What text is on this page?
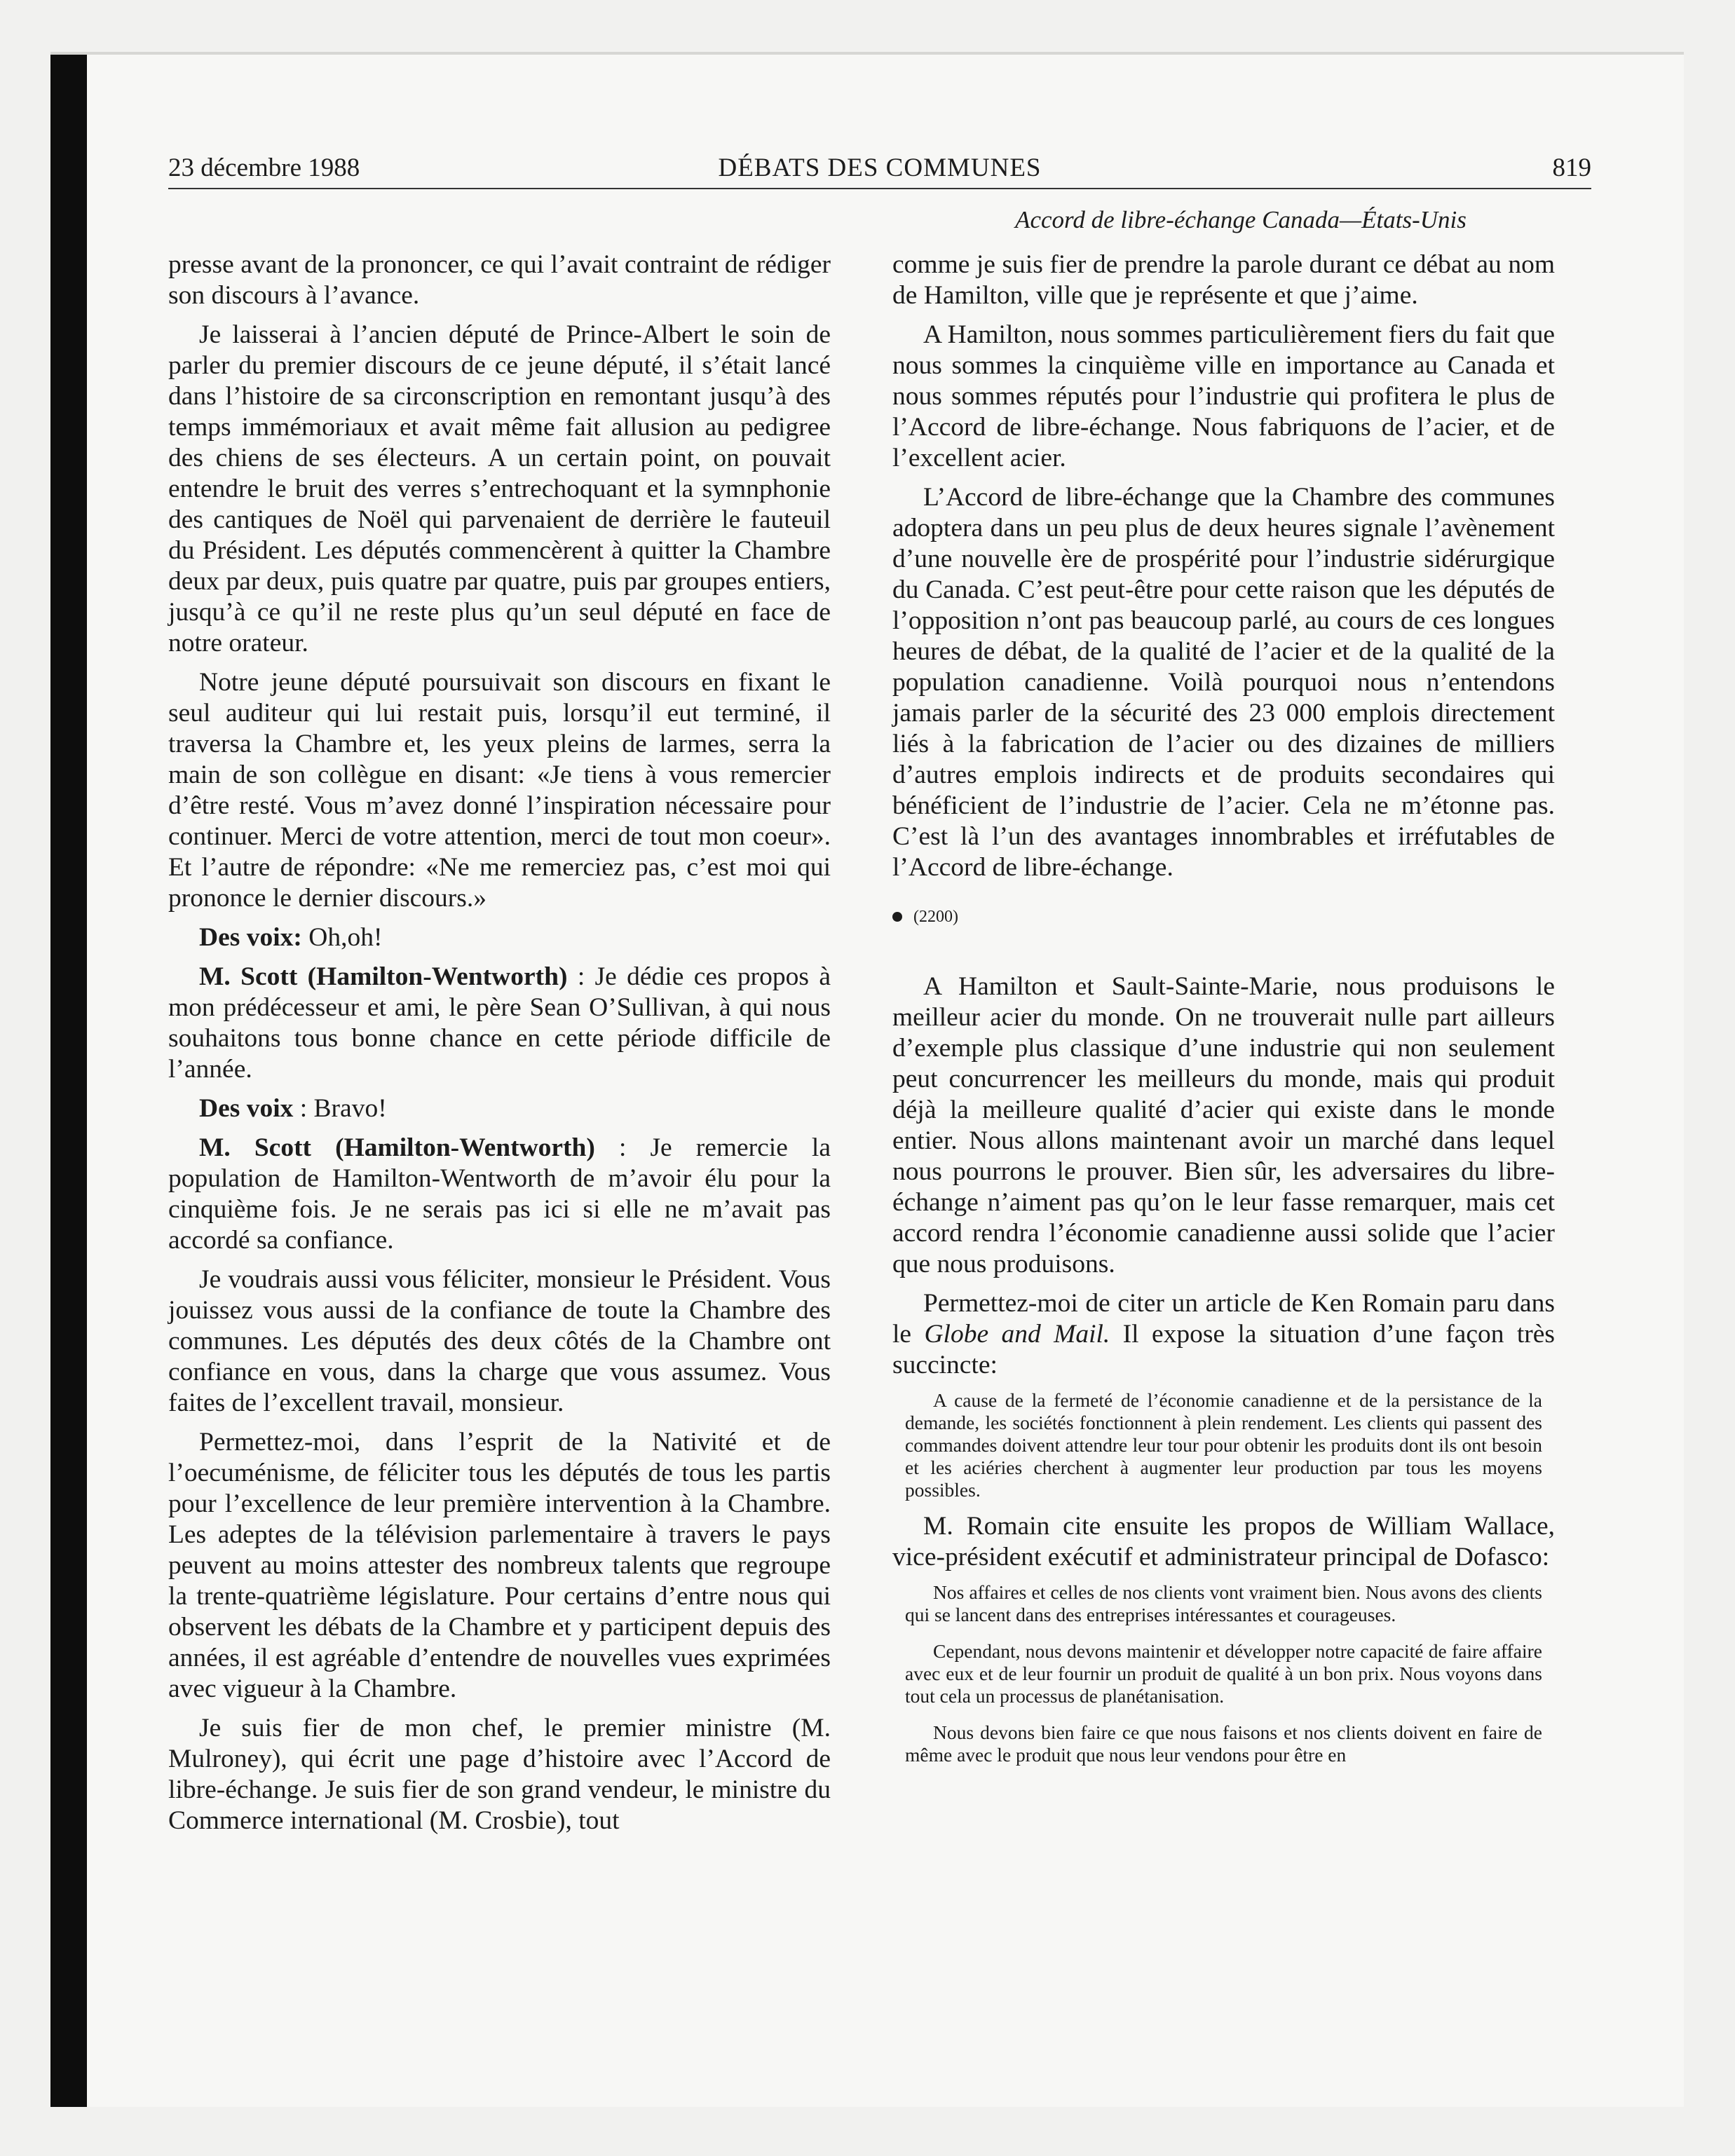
23 décembre 1988	DÉBATS DES COMMUNES	819
Accord de libre-échange Canada—États-Unis

presse avant de la prononcer, ce qui l’avait contraint de rédiger son discours à l’avance.

Je laisserai à l’ancien député de Prince-Albert le soin de parler du premier discours de ce jeune député, il s’était lancé dans l’histoire de sa circonscription en remontant jusqu’à des temps immémoriaux et avait même fait allusion au pedigree des chiens de ses électeurs. A un certain point, on pouvait entendre le bruit des verres s’entrechoquant et la symnphonie des cantiques de Noël qui parvenaient de derrière le fauteuil du Président. Les députés commencèrent à quitter la Chambre deux par deux, puis quatre par quatre, puis par groupes entiers, jusqu’à ce qu’il ne reste plus qu’un seul député en face de notre orateur.

Notre jeune député poursuivait son discours en fixant le seul auditeur qui lui restait puis, lorsqu’il eut terminé, il traversa la Chambre et, les yeux pleins de larmes, serra la main de son collègue en disant: «Je tiens à vous remercier d’être resté. Vous m’avez donné l’inspiration nécessaire pour continuer. Merci de votre attention, merci de tout mon coeur». Et l’autre de répondre: «Ne me remerciez pas, c’est moi qui prononce le dernier discours.»

Des voix: Oh,oh!

M. Scott (Hamilton-Wentworth) : Je dédie ces propos à mon prédécesseur et ami, le père Sean O’Sullivan, à qui nous souhaitons tous bonne chance en cette période difficile de l’année.

Des voix : Bravo!

M. Scott (Hamilton-Wentworth) : Je remercie la population de Hamilton-Wentworth de m’avoir élu pour la cinquième fois. Je ne serais pas ici si elle ne m’avait pas accordé sa confiance.

Je voudrais aussi vous féliciter, monsieur le Président. Vous jouissez vous aussi de la confiance de toute la Chambre des communes. Les députés des deux côtés de la Chambre ont confiance en vous, dans la charge que vous assumez. Vous faites de l’excellent travail, monsieur.

Permettez-moi, dans l’esprit de la Nativité et de l’oecuménisme, de féliciter tous les députés de tous les partis pour l’excellence de leur première intervention à la Chambre. Les adeptes de la télévision parlementaire à travers le pays peuvent au moins attester des nombreux talents que regroupe la trente-quatrième législature. Pour certains d’entre nous qui observent les débats de la Chambre et y participent depuis des années, il est agréable d’entendre de nouvelles vues exprimées avec vigueur à la Chambre.

Je suis fier de mon chef, le premier ministre (M. Mulroney), qui écrit une page d’histoire avec l’Accord de libre-échange. Je suis fier de son grand vendeur, le ministre du Commerce international (M. Crosbie), tout

comme je suis fier de prendre la parole durant ce débat au nom de Hamilton, ville que je représente et que j’aime.

A Hamilton, nous sommes particulièrement fiers du fait que nous sommes la cinquième ville en importance au Canada et nous sommes réputés pour l’industrie qui profitera le plus de l’Accord de libre-échange. Nous fabriquons de l’acier, et de l’excellent acier.

L’Accord de libre-échange que la Chambre des communes adoptera dans un peu plus de deux heures signale l’avènement d’une nouvelle ère de prospérité pour l’industrie sidérurgique du Canada. C’est peut-être pour cette raison que les députés de l’opposition n’ont pas beaucoup parlé, au cours de ces longues heures de débat, de la qualité de l’acier et de la qualité de la population canadienne. Voilà pourquoi nous n’entendons jamais parler de la sécurité des 23 000 emplois directement liés à la fabrication de l’acier ou des dizaines de milliers d’autres emplois indirects et de produits secondaires qui bénéficient de l’industrie de l’acier. Cela ne m’étonne pas. C’est là l’un des avantages innombrables et irréfutables de l’Accord de libre-échange.

(2200)

A Hamilton et Sault-Sainte-Marie, nous produisons le meilleur acier du monde. On ne trouverait nulle part ailleurs d’exemple plus classique d’une industrie qui non seulement peut concurrencer les meilleurs du monde, mais qui produit déjà la meilleure qualité d’acier qui existe dans le monde entier. Nous allons maintenant avoir un marché dans lequel nous pourrons le prouver. Bien sûr, les adversaires du libre-échange n’aiment pas qu’on le leur fasse remarquer, mais cet accord rendra l’économie canadienne aussi solide que l’acier que nous produisons.

Permettez-moi de citer un article de Ken Romain paru dans le Globe and Mail. Il expose la situation d’une façon très succincte:

A cause de la fermeté de l’économie canadienne et de la persistance de la demande, les sociétés fonctionnent à plein rendement. Les clients qui passent des commandes doivent attendre leur tour pour obtenir les produits dont ils ont besoin et les aciéries cherchent à augmenter leur production par tous les moyens possibles.

M. Romain cite ensuite les propos de William Wallace, vice-président exécutif et administrateur principal de Dofasco:

Nos affaires et celles de nos clients vont vraiment bien. Nous avons des clients qui se lancent dans des entreprises intéressantes et courageuses.

Cependant, nous devons maintenir et développer notre capacité de faire affaire avec eux et de leur fournir un produit de qualité à un bon prix. Nous voyons dans tout cela un processus de planétanisation.

Nous devons bien faire ce que nous faisons et nos clients doivent en faire de même avec le produit que nous leur vendons pour être en
